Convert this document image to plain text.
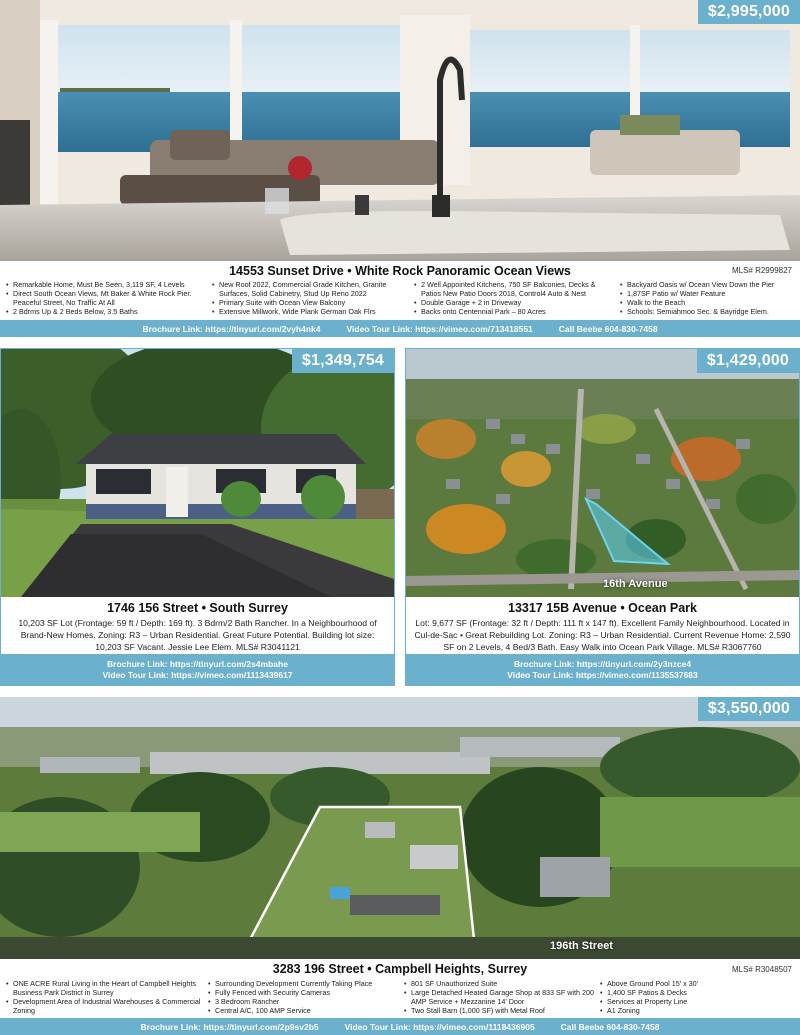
$2,995,000
14553 Sunset Drive • White Rock Panoramic Ocean Views	MLS# R2999827
• Remarkable Home, Must Be Seen, 3,119 SF, 4 Levels
• Direct South Ocean Views, Mt Baker & White Rock Pier. Peaceful Street, No Traffic At All
• 2 Bdrms Up & 2 Beds Below, 3.5 Baths
• New Roof 2022, Commercial Grade Kitchen, Granite Surfaces, Solid Cabinetry, Stud Up Reno 2022
• Primary Suite with Ocean View Balcony
• Extensive Millwork, Wide Plank German Oak Flrs
• 2 Well Appointed Kitchens, 750 SF Balconies, Decks & Patios New Patio Doors 2018, Control4 Auto & Nest
• Double Garage + 2 in Driveway
• Backs onto Centennial Park – 80 Acres
• Backyard Oasis w/ Ocean View Down the Pier
• 1,87SF Patio w/ Water Feature
• Walk to the Beach
• Schools: Semiahmoo Sec. & Bayridge Elem.
Brochure Link: https://tinyurl.com/2vyh4nk4	Video Tour Link: https://vimeo.com/713418551	Call Beebe 604-830-7458
$1,349,754
1746 156 Street • South Surrey
10,203 SF Lot (Frontage: 59 ft / Depth: 169 ft). 3 Bdrm/2 Bath Rancher. In a Neighbourhood of Brand-New Homes. Zoning: R3 – Urban Residential. Great Future Potential. Building lot size: 10,203 SF Vacant. Jessie Lee Elem. MLS# R3041121
Brochure Link: https://tinyurl.com/2s4mbahe
Video Tour Link: https://vimeo.com/1113439617
16th Avenue
$1,429,000
13317 15B Avenue • Ocean Park
Lot: 9,677 SF (Frontage: 32 ft / Depth: 111 ft x 147 ft). Excellent Family Neighbourhood. Located in Cul-de-Sac • Great Rebuilding Lot. Zoning: R3 – Urban Residential. Current Revenue Home: 2,590 SF on 2 Levels, 4 Bed/3 Bath. Easy Walk into Ocean Park Village. MLS# R3067760
Brochure Link: https://tinyurl.com/2y3nzce4
Video Tour Link: https://vimeo.com/1135537683
196th Street
$3,550,000
3283 196 Street • Campbell Heights, Surrey	MLS# R3048507
• ONE ACRE Rural Living in the Heart of Campbell Heights Business Park District in Surrey
• Development Area of Industrial Warehouses & Commercial Zoning
• Surrounding Development Currently Taking Place
• Fully Fenced with Security Cameras
• 3 Bedroom Rancher
• Central A/C, 100 AMP Service
• 801 SF Unauthorized Suite
• Large Detached Heated Garage Shop at 833 SF with 200 AMP Service + Mezzanine 14' Door
• Two Stall Barn (1,000 SF) with Metal Roof
• Above Ground Pool 15' x 30'
• 1,400 SF Patios & Decks
• Services at Property Line
• A1 Zoning
Brochure Link: https://tinyurl.com/2p9sv2b5	Video Tour Link: https://vimeo.com/1118436905	Call Beebe 604-830-7458
